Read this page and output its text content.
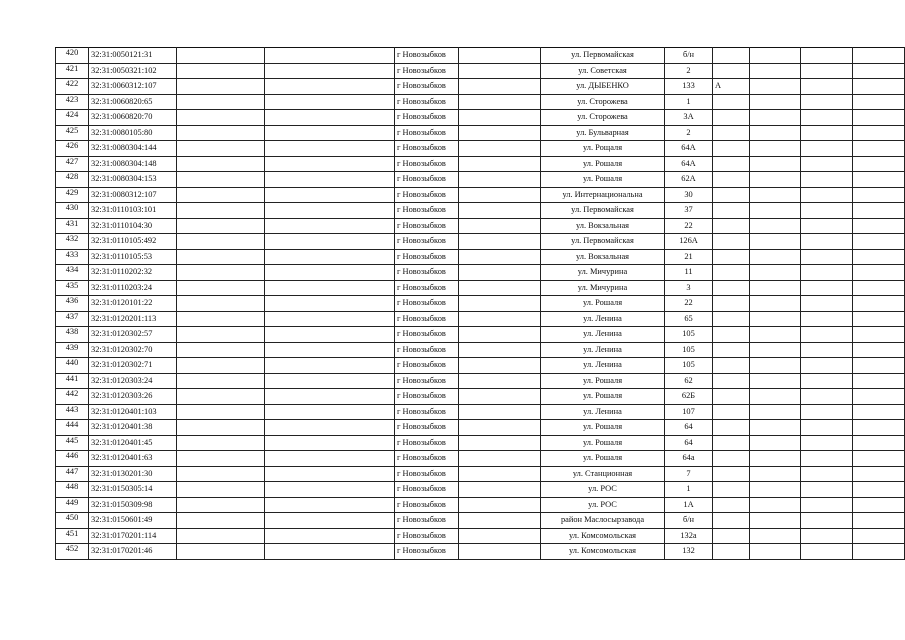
420	32:31:0050121:31			г Новозыбков		ул. Первомайская	б/н				
421	32:31:0050321:102			г Новозыбков		ул. Советская	2				
422	32:31:0060312:107			г Новозыбков		ул. ДЫБЕНКО	133	А			
423	32:31:0060820:65			г Новозыбков		ул. Сторожева	1				
424	32:31:0060820:70			г Новозыбков		ул. Сторожева	3А				
425	32:31:0080105:80			г Новозыбков		ул. Бульварная	2				
426	32:31:0080304:144			г Новозыбков		ул. Рощаля	64А				
427	32:31:0080304:148			г Новозыбков		ул. Рошаля	64А				
428	32:31:0080304:153			г Новозыбков		ул. Рошаля	62А				
429	32:31:0080312:107			г Новозыбков		ул. Интернациональна	30				
430	32:31:0110103:101			г Новозыбков		ул. Первомайская	37				
431	32:31:0110104:30			г Новозыбков		ул. Вокзальная	22				
432	32:31:0110105:492			г Новозыбков		ул. Первомайская	126А				
433	32:31:0110105:53			г Новозыбков		ул. Вокзальная	21				
434	32:31:0110202:32			г Новозыбков		ул. Мичурина	11				
435	32:31:0110203:24			г Новозыбков		ул. Мичурина	3				
436	32:31:0120101:22			г Новозыбков		ул. Рошаля	22				
437	32:31:0120201:113			г Новозыбков		ул. Ленина	65				
438	32:31:0120302:57			г Новозыбков		ул. Ленина	105				
439	32:31:0120302:70			г Новозыбков		ул. Ленина	105				
440	32:31:0120302:71			г Новозыбков		ул. Ленина	105				
441	32:31:0120303:24			г Новозыбков		ул. Рошаля	62				
442	32:31:0120303:26			г Новозыбков		ул. Рошаля	62Б				
443	32:31:0120401:103			г Новозыбков		ул. Ленина	107				
444	32:31:0120401:38			г Новозыбков		ул. Рошаля	64				
445	32:31:0120401:45			г Новозыбков		ул. Рошаля	64				
446	32:31:0120401:63			г Новозыбков		ул. Рошаля	64а				
447	32:31:0130201:30			г Новозыбков		ул. Станционная	7				
448	32:31:0150305:14			г Новозыбков		ул. РОС	1				
449	32:31:0150309:98			г Новозыбков		ул. РОС	1А				
450	32:31:0150601:49			г Новозыбков		район Маслосырзавода	б/н				
451	32:31:0170201:114			г Новозыбков		ул. Комсомольская	132а				
452	32:31:0170201:46			г Новозыбков		ул. Комсомольская	132				
